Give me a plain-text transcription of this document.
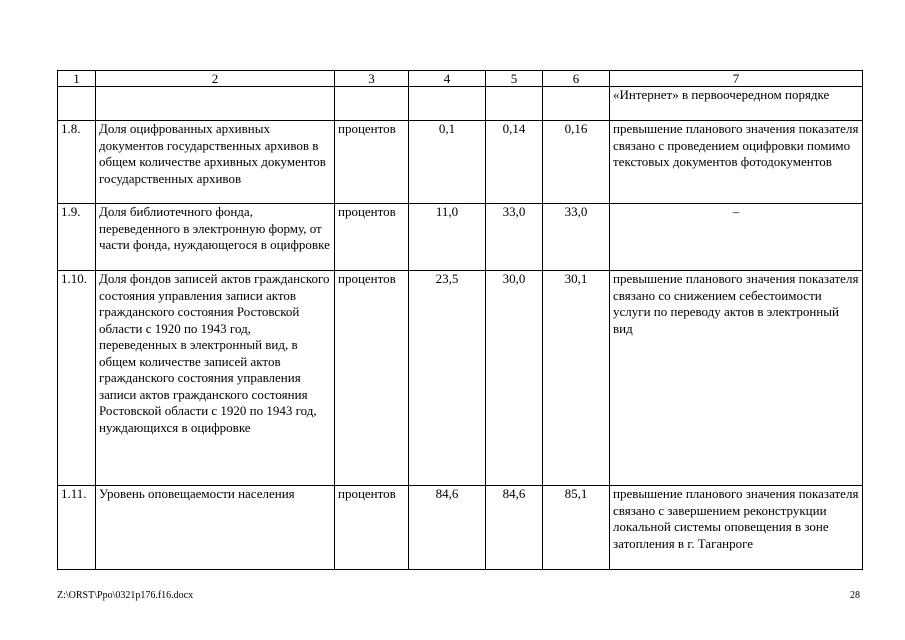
1	2	3	4	5	6	7
						«Интернет» в первоочередном порядке
1.8.	Доля оцифрованных архивных документов государственных архивов в общем количестве архивных документов государственных архивов	процентов	0,1	0,14	0,16	превышение планового значения показателя связано с проведением оцифровки помимо текстовых документов фотодокументов
1.9.	Доля библиотечного фонда, переведенного в электронную форму, от части фонда, нуждающегося в оцифровке	процентов	11,0	33,0	33,0	–
1.10.	Доля фондов записей актов гражданского состояния управления записи актов гражданского состояния Ростовской области с 1920 по 1943 год, переведенных в электронный вид, в общем количестве записей актов гражданского состояния управления записи актов гражданского состояния Ростовской области с 1920 по 1943 год, нуждающихся в оцифровке	процентов	23,5	30,0	30,1	превышение планового значения показателя связано со снижением себестоимости услуги по переводу актов в электронный вид
1.11.	Уровень оповещаемости населения	процентов	84,6	84,6	85,1	превышение планового значения показателя связано с завершением реконструкции локальной системы оповещения в зоне затопления в г. Таганроге
Z:\ORST\Ppo\0321p176.f16.docx	28
